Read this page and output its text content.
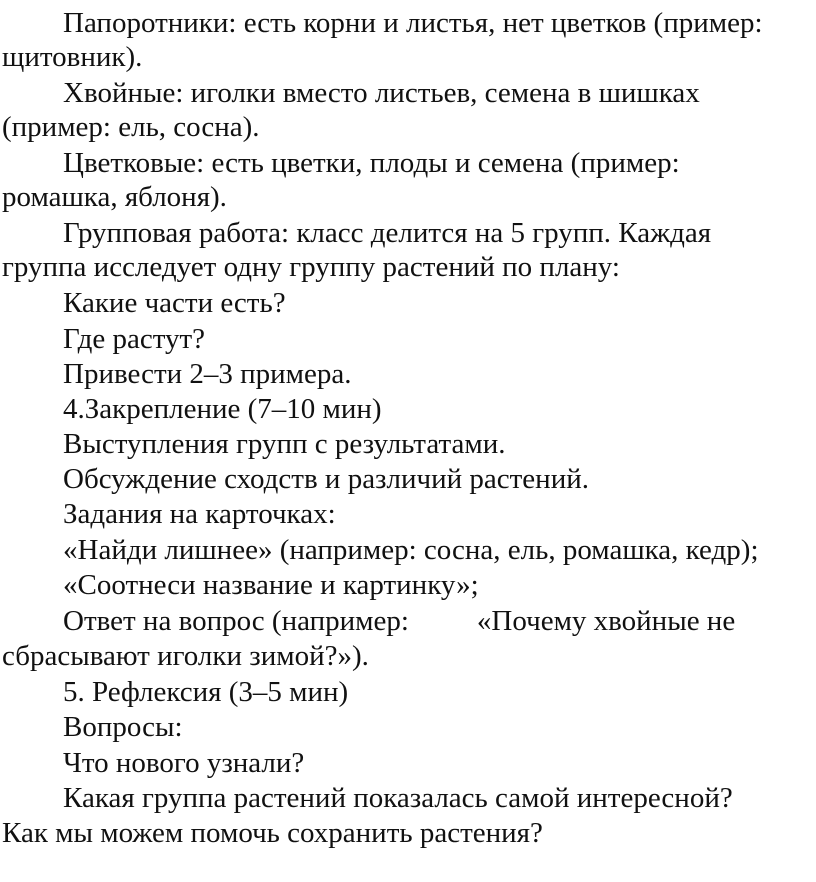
Папоротники: есть корни и листья, нет цветков (пример:
щитовник).
Хвойные: иголки вместо листьев, семена в шишках
(пример: ель, сосна).
Цветковые: есть цветки, плоды и семена (пример:
ромашка, яблоня).
Групповая работа: класс делится на 5 групп. Каждая
группа исследует одну группу растений по плану:
Какие части есть?
Где растут?
Привести 2–3 примера.
4.Закрепление (7–10 мин)
Выступления групп с результатами.
Обсуждение сходств и различий растений.
Задания на карточках:
«Найди лишнее» (например: сосна, ель, ромашка, кедр);
«Соотнеси название и картинку»;
Ответ на вопрос (например: «Почему хвойные не
сбрасывают иголки зимой?»).
5. Рефлексия (3–5 мин)
Вопросы:
Что нового узнали?
Какая группа растений показалась самой интересной?
Как мы можем помочь сохранить растения?
